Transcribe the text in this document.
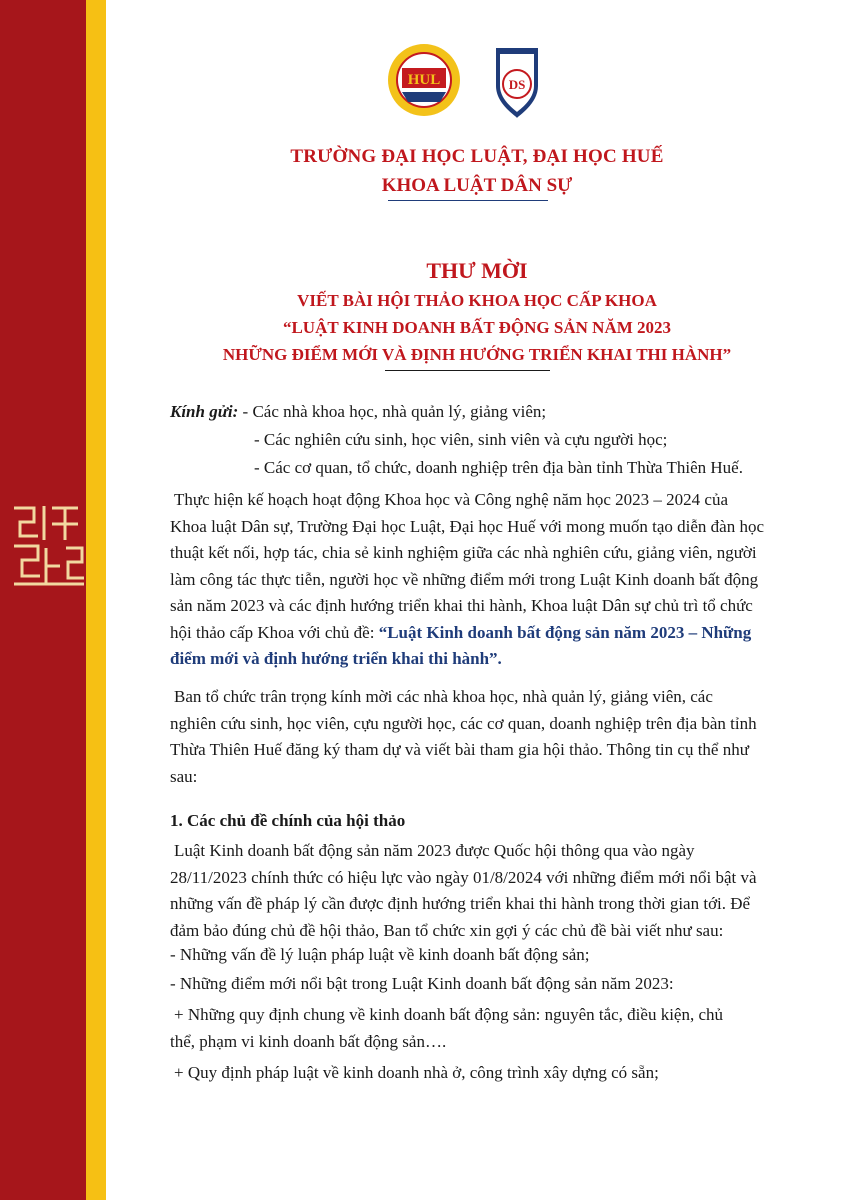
HUL	DS
TRƯỜNG ĐẠI HỌC LUẬT, ĐẠI HỌC HUẾ
KHOA LUẬT DÂN SỰ
THƯ MỜI
VIẾT BÀI HỘI THẢO KHOA HỌC CẤP KHOA
“LUẬT KINH DOANH BẤT ĐỘNG SẢN NĂM 2023
NHỮNG ĐIỂM MỚI VÀ ĐỊNH HƯỚNG TRIỂN KHAI THI HÀNH”
Kính gửi: - Các nhà khoa học, nhà quản lý, giảng viên;
- Các nghiên cứu sinh, học viên, sinh viên và cựu người học;
- Các cơ quan, tổ chức, doanh nghiệp trên địa bàn tỉnh Thừa Thiên Huế.
Thực hiện kế hoạch hoạt động Khoa học và Công nghệ năm học 2023 – 2024 của
Khoa luật Dân sự, Trường Đại học Luật, Đại học Huế với mong muốn tạo diễn đàn học
thuật kết nối, hợp tác, chia sẻ kinh nghiệm giữa các nhà nghiên cứu, giảng viên, người
làm công tác thực tiễn, người học về những điểm mới trong Luật Kinh doanh bất động
sản năm 2023 và các định hướng triển khai thi hành, Khoa luật Dân sự chủ trì tổ chức
hội thảo cấp Khoa với chủ đề: “Luật Kinh doanh bất động sản năm 2023 – Những
điểm mới và định hướng triển khai thi hành”.
Ban tổ chức trân trọng kính mời các nhà khoa học, nhà quản lý, giảng viên, các
nghiên cứu sinh, học viên, cựu người học, các cơ quan, doanh nghiệp trên địa bàn tỉnh
Thừa Thiên Huế đăng ký tham dự và viết bài tham gia hội thảo. Thông tin cụ thể như
sau:
1. Các chủ đề chính của hội thảo
Luật Kinh doanh bất động sản năm 2023 được Quốc hội thông qua vào ngày
28/11/2023 chính thức có hiệu lực vào ngày 01/8/2024 với những điểm mới nổi bật và
những vấn đề pháp lý cần được định hướng triển khai thi hành trong thời gian tới. Để
đảm bảo đúng chủ đề hội thảo, Ban tổ chức xin gợi ý các chủ đề bài viết như sau:
- Những vấn đề lý luận pháp luật về kinh doanh bất động sản;
- Những điểm mới nổi bật trong Luật Kinh doanh bất động sản năm 2023:
+ Những quy định chung về kinh doanh bất động sản: nguyên tắc, điều kiện, chủ
thể, phạm vi kinh doanh bất động sản….
+ Quy định pháp luật về kinh doanh nhà ở, công trình xây dựng có sẵn;
